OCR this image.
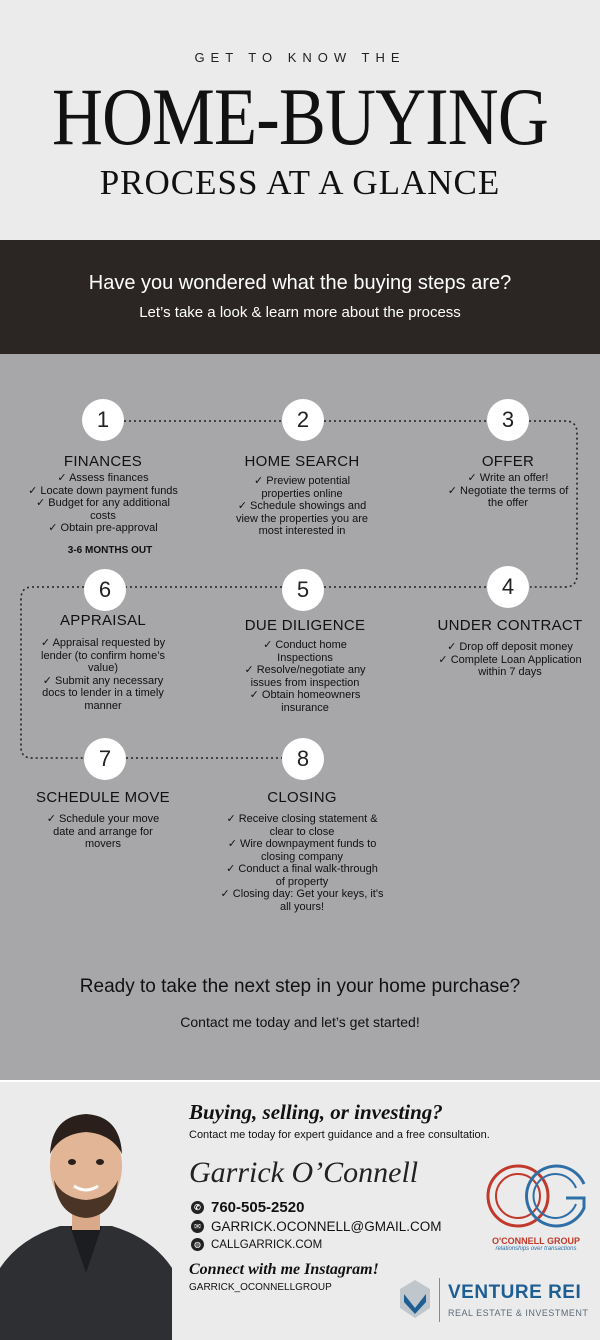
GET TO KNOW THE
HOME-BUYING
PROCESS AT A GLANCE
Have you wondered what the buying steps are?
Let’s take a look & learn more about the process
1
FINANCES
✓ Assess finances
✓ Locate down payment funds
✓ Budget for any additional
costs
✓ Obtain pre-approval
3-6 MONTHS OUT
2
HOME SEARCH
✓ Preview potential
properties online
✓ Schedule showings and
view the properties you are
most interested in
3
OFFER
✓ Write an offer!
✓ Negotiate the terms of
the offer
4
UNDER CONTRACT
✓ Drop off deposit money
✓ Complete Loan Application
within 7 days
5
DUE DILIGENCE
✓ Conduct home
Inspections
✓ Resolve/negotiate any
issues from inspection
✓ Obtain homeowners
insurance
6
APPRAISAL
✓ Appraisal requested by
lender (to confirm home’s
value)
✓ Submit any necessary
docs to lender in a timely
manner
7
SCHEDULE MOVE
✓ Schedule your move
date and arrange for
movers
8
CLOSING
✓ Receive closing statement &
clear to close
✓ Wire downpayment funds to
closing company
✓ Conduct a final walk-through
of property
✓ Closing day: Get your keys, it's
all yours!
Ready to take the next step in your home purchase?
Contact me today and let’s get started!
Buying, selling, or investing?
Contact me today for expert guidance and a free consultation.
Garrick O’Connell
✆ 760-505-2520
✉ GARRICK.OCONNELL@GMAIL.COM
◍ CALLGARRICK.COM
Connect with me Instagram!
GARRICK_OCONNELLGROUP
O'CONNELL GROUP
relationships over transactions
VENTURE REI
REAL ESTATE & INVESTMENT
